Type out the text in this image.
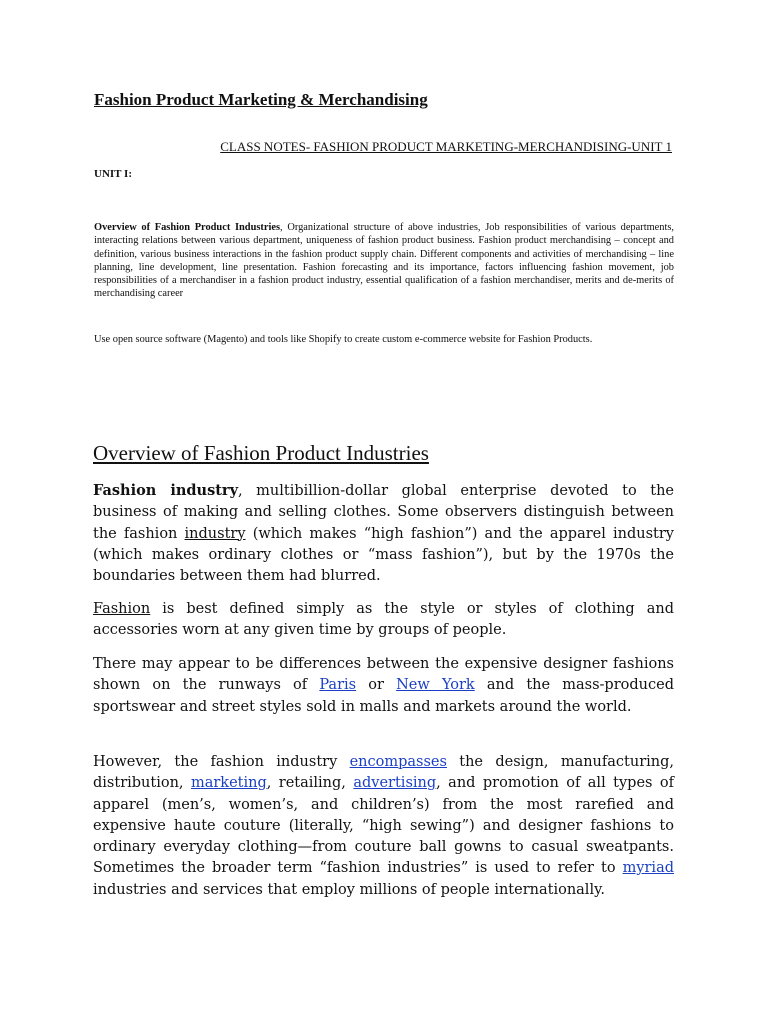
Fashion Product Marketing & Merchandising

CLASS NOTES- FASHION PRODUCT MARKETING-MERCHANDISING-UNIT 1

UNIT I:

Overview of Fashion Product Industries, Organizational structure of above industries, Job responsibilities of various departments, interacting relations between various department, uniqueness of fashion product business. Fashion product merchandising – concept and definition, various business interactions in the fashion product supply chain. Different components and activities of merchandising – line planning, line development, line presentation. Fashion forecasting and its importance, factors influencing fashion movement, job responsibilities of a merchandiser in a fashion product industry, essential qualification of a fashion merchandiser, merits and de-merits of merchandising career

Use open source software (Magento) and tools like Shopify to create custom e-commerce website for Fashion Products.

Overview of Fashion Product Industries

Fashion industry, multibillion-dollar global enterprise devoted to the business of making and selling clothes. Some observers distinguish between the fashion industry (which makes “high fashion”) and the apparel industry (which makes ordinary clothes or “mass fashion”), but by the 1970s the boundaries between them had blurred.

Fashion is best defined simply as the style or styles of clothing and accessories worn at any given time by groups of people.

There may appear to be differences between the expensive designer fashions shown on the runways of Paris or New York and the mass-produced sportswear and street styles sold in malls and markets around the world.

However, the fashion industry encompasses the design, manufacturing, distribution, marketing, retailing, advertising, and promotion of all types of apparel (men’s, women’s, and children’s) from the most rarefied and expensive haute couture (literally, “high sewing”) and designer fashions to ordinary everyday clothing—from couture ball gowns to casual sweatpants. Sometimes the broader term “fashion industries” is used to refer to myriad industries and services that employ millions of people internationally.
